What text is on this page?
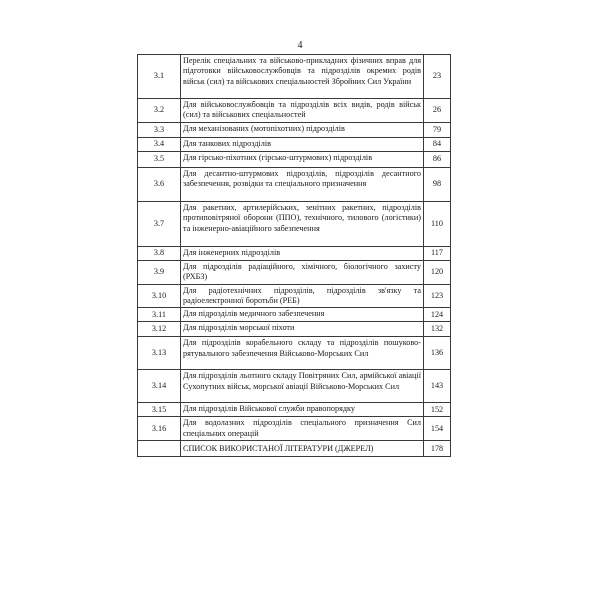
4
3.1	Перелік спеціальних та військово-прикладних фізичних вправ для підготовки військовослужбовців та підрозділів окремих родів військ (сил) та військових спеціальностей Збройних Сил України	23
3.2	Для військовослужбовців та підрозділів всіх видів, родів військ (сил) та військових спеціальностей	26
3.3	Для механізованих (мотопіхотних) підрозділів	79
3.4	Для танкових підрозділів	84
3.5	Для гірсько-піхотних (гірсько-штурмових) підрозділів	86
3.6	Для десантно-штурмових підрозділів, підрозділів десантного забезпечення, розвідки та спеціального призначення	98
3.7	Для ракетних, артилерійських, зенітних ракетних, підрозділів протиповітряної оборони (ППО), технічного, тилового (логістики) та інженерно-авіаційного забезпечення	110
3.8	Для інженерних підрозділів	117
3.9	Для підрозділів радіаційного, хімічного, біологічного захисту (РХБЗ)	120
3.10	Для радіотехнічних підрозділів, підрозділів зв'язку та радіоелектронної боротьби (РЕБ)	123
3.11	Для підрозділів медичного забезпечення	124
3.12	Для підрозділів морської піхоти	132
3.13	Для підрозділів корабельного складу та підрозділів пошуково-рятувального забезпечення Військово-Морських Сил	136
3.14	Для підрозділів льотного складу Повітряних Сил, армійської авіації Сухопутних військ, морської авіації Військово-Морських Сил	143
3.15	Для підрозділів Військової служби правопорядку	152
3.16	Для водолазних підрозділів спеціального призначення Сил спеціальних операцій	154
	СПИСОК ВИКОРИСТАНОЇ ЛІТЕРАТУРИ (ДЖЕРЕЛ)	178
